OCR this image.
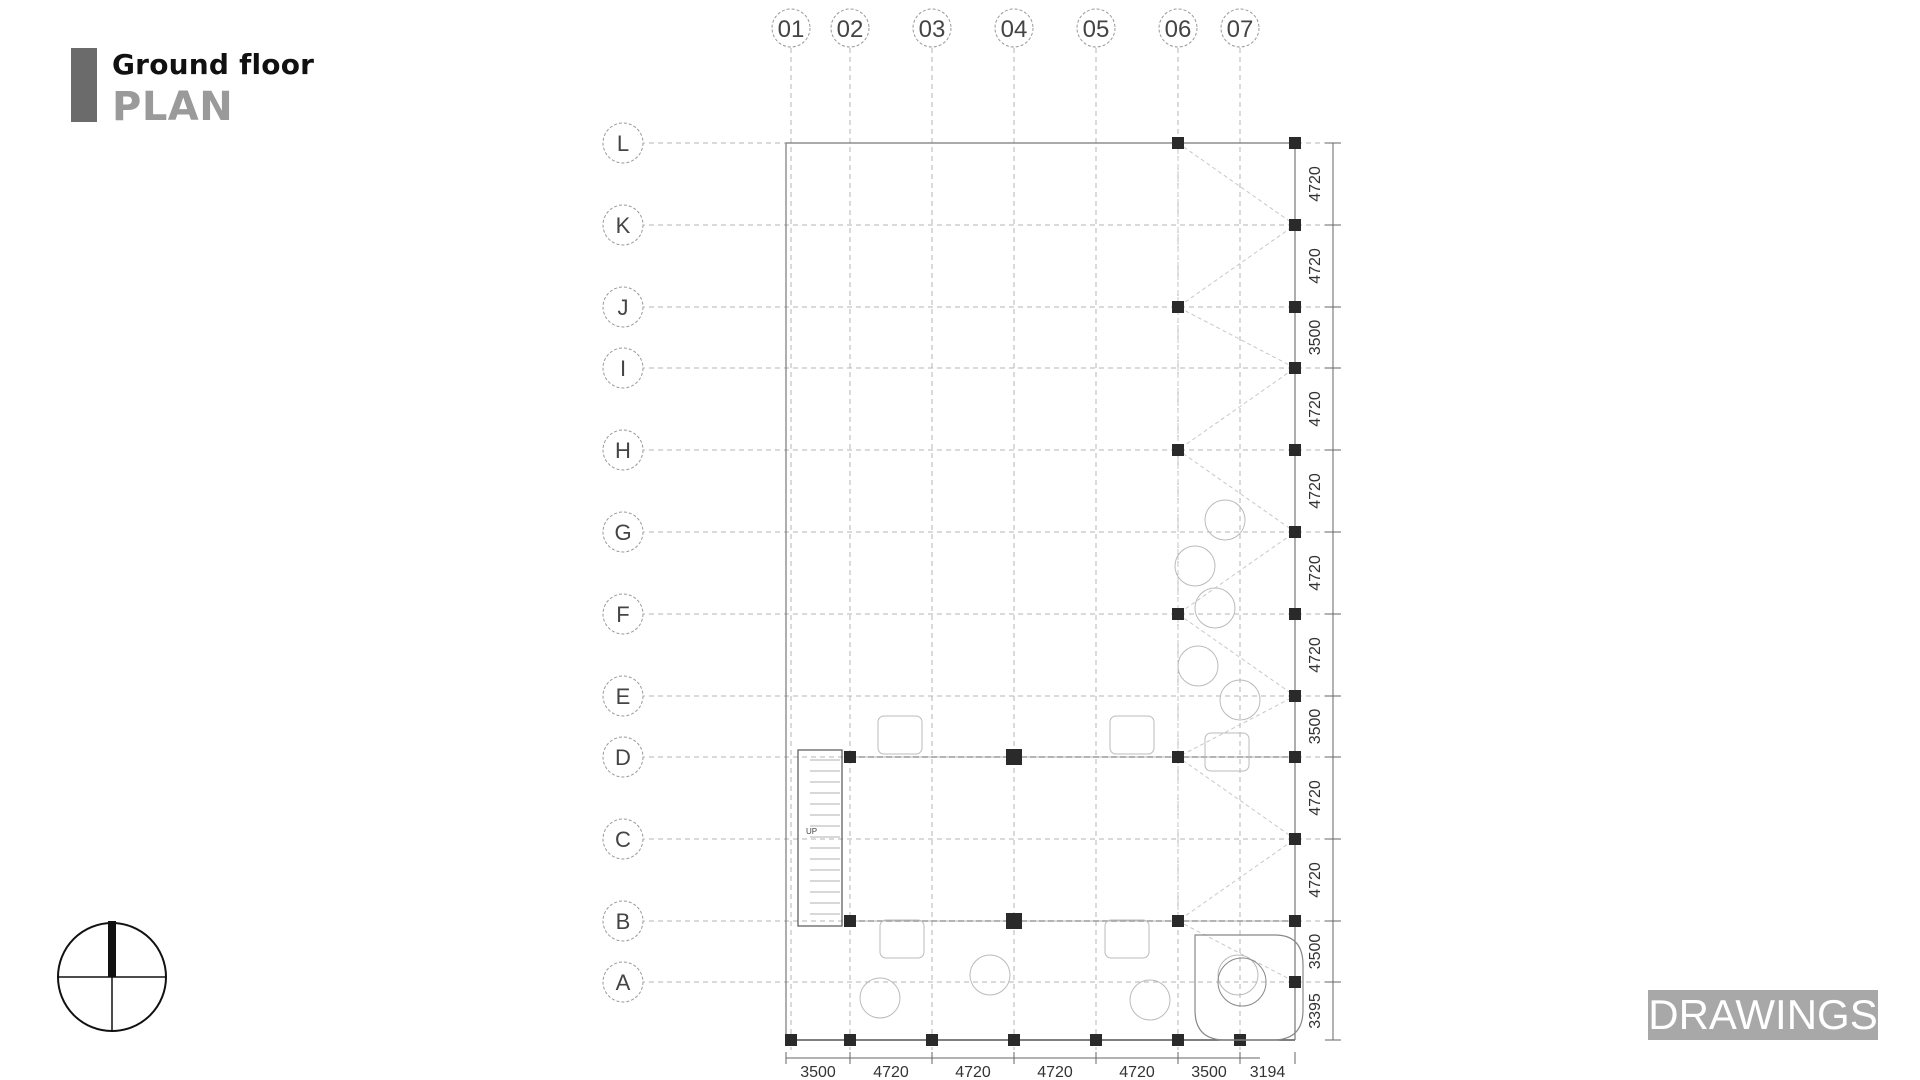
Ground floor
PLAN
01 02 03 04 05 06 07
L
K
J
I
H
G
F
E
D
C
B
A
UP
3500 4720	4720	4720	4720 3500 3194
4720
4720
3500
4720
4720
4720
4720
3500
4720
4720
3500
3395	DRAWINGS
